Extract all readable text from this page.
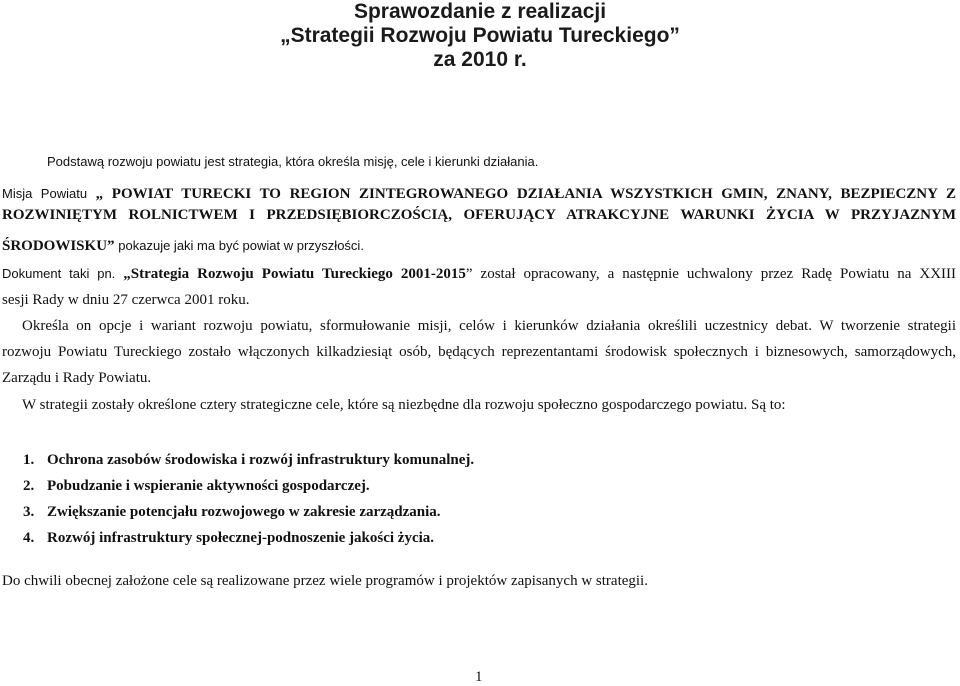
Sprawozdanie z realizacji
„Strategii Rozwoju Powiatu Tureckiego”
za 2010 r.
Podstawą rozwoju powiatu jest strategia, która określa misję, cele i kierunki działania.
Misja Powiatu „ POWIAT TURECKI TO REGION ZINTEGROWANEGO DZIAŁANIA WSZYSTKICH GMIN, ZNANY, BEZPIECZNY Z
ROZWINIĘTYM ROLNICTWEM I PRZEDSIĘBIORCZOŚCIĄ, OFERUJĄCY ATRAKCYJNE WARUNKI ŻYCIA W PRZYJAZNYM
ŚRODOWISKU” pokazuje jaki ma być powiat w przyszłości.
Dokument taki pn. „Strategia Rozwoju Powiatu Tureckiego 2001-2015” został opracowany, a następnie uchwalony przez Radę Powiatu na XXIII
sesji Rady w dniu 27 czerwca 2001 roku.
Określa on opcje i wariant rozwoju powiatu, sformułowanie misji, celów i kierunków działania określili uczestnicy debat. W tworzenie strategii
rozwoju Powiatu Tureckiego zostało włączonych kilkadziesiąt osób, będących reprezentantami środowisk społecznych i biznesowych, samorządowych,
Zarządu i Rady Powiatu.
W strategii zostały określone cztery strategiczne cele, które są niezbędne dla rozwoju społeczno gospodarczego powiatu. Są to:
1. Ochrona zasobów środowiska i rozwój infrastruktury komunalnej.
2. Pobudzanie i wspieranie aktywności gospodarczej.
3. Zwiększanie potencjału rozwojowego w zakresie zarządzania.
4. Rozwój infrastruktury społecznej-podnoszenie jakości życia.
Do chwili obecnej założone cele są realizowane przez wiele programów i projektów zapisanych w strategii.
1
